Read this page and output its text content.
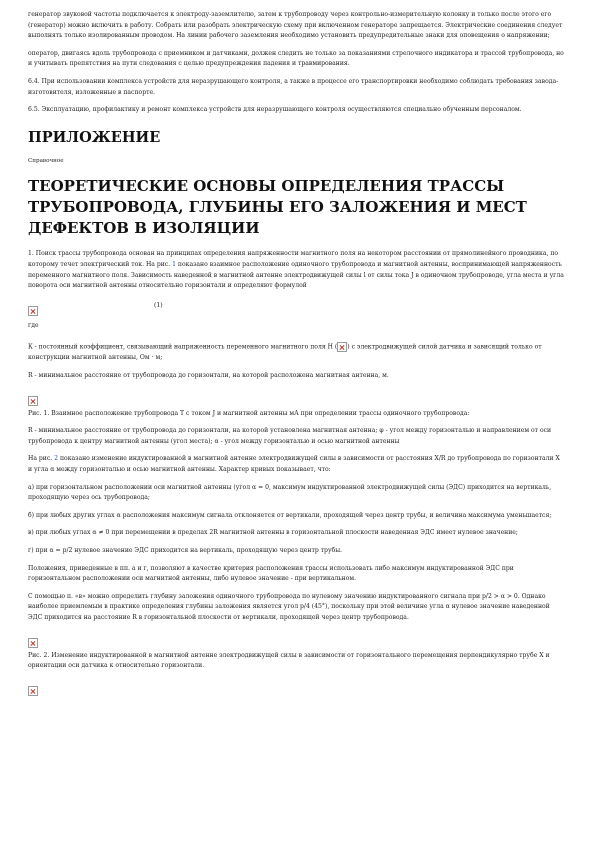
генератор звуковой частоты подключается к электроду-заземлителю, затем к трубопроводу через контрольно-измерительную колонку и только после этого его (генератор) можно включить в работу. Собрать или разобрать электрическую схему при включенном генераторе запрещается. Электрические соединения следует выполнять только изолированным проводом. На линии рабочего заземления необходимо установить предупредительные знаки для оповещения о напряжении;

оператор, двигаясь вдоль трубопровода с приемником и датчиками, должен следить не только за показаниями стрелочного индикатора и трассой трубопровода, но и учитывать препятствия на пути следования с целью предупреждения падения и травмирования.

6.4. При использовании комплекса устройств для неразрушающего контроля, а также в процессе его транспортировки необходимо соблюдать требования завода-изготовителя, изложенные в паспорте.

6.5. Эксплуатацию, профилактику и ремонт комплекса устройств для неразрушающего контроля осуществляются специально обученным персоналом.

ПРИЛОЖЕНИЕ

Справочное

ТЕОРЕТИЧЕСКИЕ ОСНОВЫ ОПРЕДЕЛЕНИЯ ТРАССЫ ТРУБОПРОВОДА, ГЛУБИНЫ ЕГО ЗАЛОЖЕНИЯ И МЕСТ ДЕФЕКТОВ В ИЗОЛЯЦИИ

1. Поиск трассы трубопровода основан на принципах определения напряженности магнитного поля на некотором расстоянии от прямолинейного проводника, по которому течет электрический ток. На рис. 1 показано взаимное расположение одиночного трубопровода и магнитной антенны, воспринимающей напряженность переменного магнитного поля. Зависимость наведенной в магнитной антенне электродвижущей силы l от силы тока J в одиночном трубопроводе, угла места и угла поворота оси магнитной антенны относительно горизонтали и определяют формулой

(1)

где

К - постоянный коэффициент, связывающий напряженность переменного магнитного поля Н ( ) с электродвижущей силой датчика и зависящий только от конструкции магнитной антенны, Ом · м;

R - минимальное расстояние от трубопровода до горизонтали, на которой расположена магнитная антенна, м.

Рис. 1. Взаимное расположение трубопровода Т с током J и магнитной антенны мА при определении трассы одиночного трубопровода:

R - минимальное расстояние от трубопровода до горизонтали, на которой установлена магнитная антенна; φ - угол между горизонталью и направлением от оси трубопровода к центру магнитной антенны (угол места); α - угол между горизонталью и осью магнитной антенны

На рис. 2 показано изменение индуктированной в магнитной антенне электродвижущей силы в зависимости от расстояния X/R до трубопровода по горизонтали X и угла α между горизонталью и осью магнитной антенны. Характер кривых показывает, что:

а) при горизонтальном расположении оси магнитной антенны (угол α = 0, максимум индуктированной электродвижущей силы (ЭДС) приходится на вертикаль, проходящую через ось трубопровода;

б) при любых других углах α расположения максимум сигнала отклоняется от вертикали, проходящей через центр трубы, и величина максимума уменьшается;

в) при любых углах α ≠ 0 при перемещении в пределах 2R магнитной антенны в горизонтальной плоскости наведенная ЭДС имеет нулевое значение;

г) при α = p/2 нулевое значение ЭДС приходится на вертикаль, проходящую через центр трубы.

Положения, приведенные в пп. а и г, позволяют в качестве критерия расположения трассы использовать либо максимум индуктированной ЭДС при горизонтальном расположении оси магнитной антенны, либо нулевое значение - при вертикальном.

С помощью п. «в» можно определить глубину заложения одиночного трубопровода по нулевому значению индуктированного сигнала при p/2 > α > 0. Однако наиболее приемлемым в практике определения глубины заложения является угол p/4 (45°), поскольку при этой величине угла α нулевое значение наведенной ЭДС приходится на расстояние R в горизонтальной плоскости от вертикали, проходящей через центр трубопровода.

Рис. 2. Изменение индуктированной в магнитной антенне электродвижущей силы в зависимости от горизонтального перемещения перпендикулярно трубе X и ориентации оси датчика к относительно горизонтали.
